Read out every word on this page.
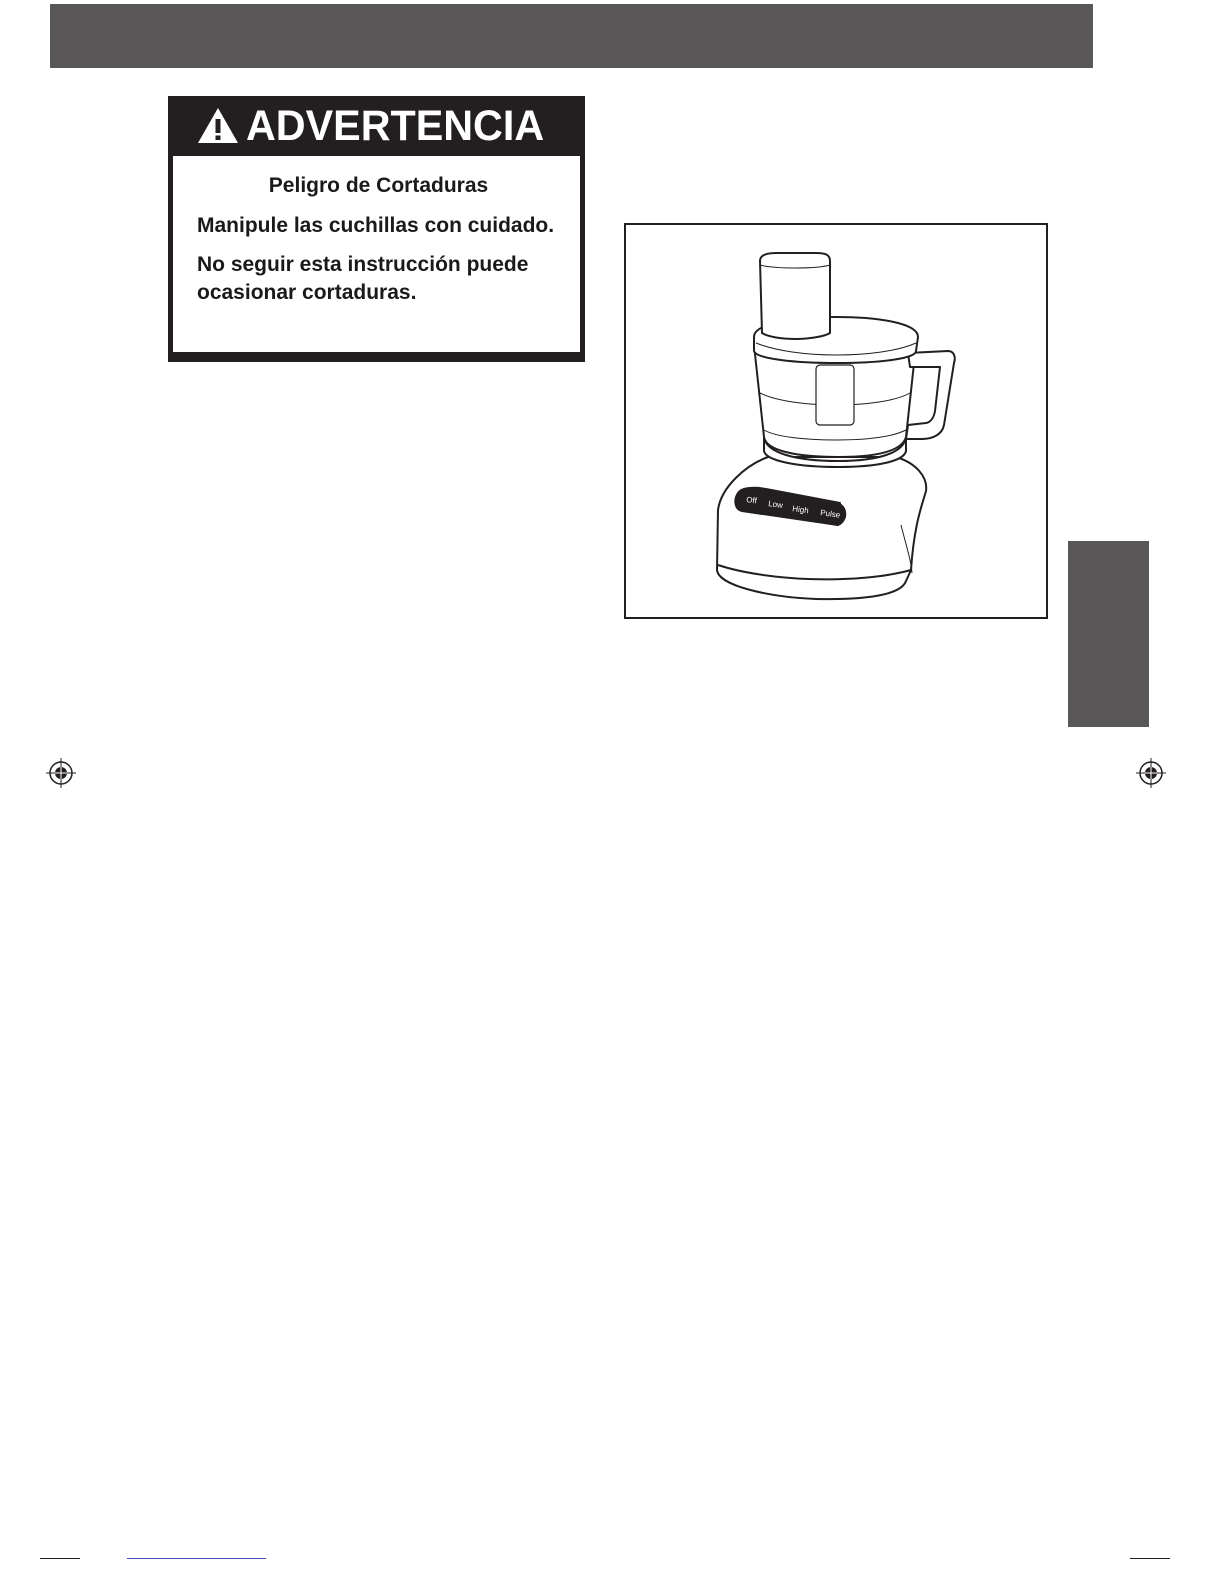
ADVERTENCIA

Peligro de Cortaduras

Manipule las cuchillas con cuidado.

No seguir esta instrucción puede ocasionar cortaduras.

Off Low High Pulse
